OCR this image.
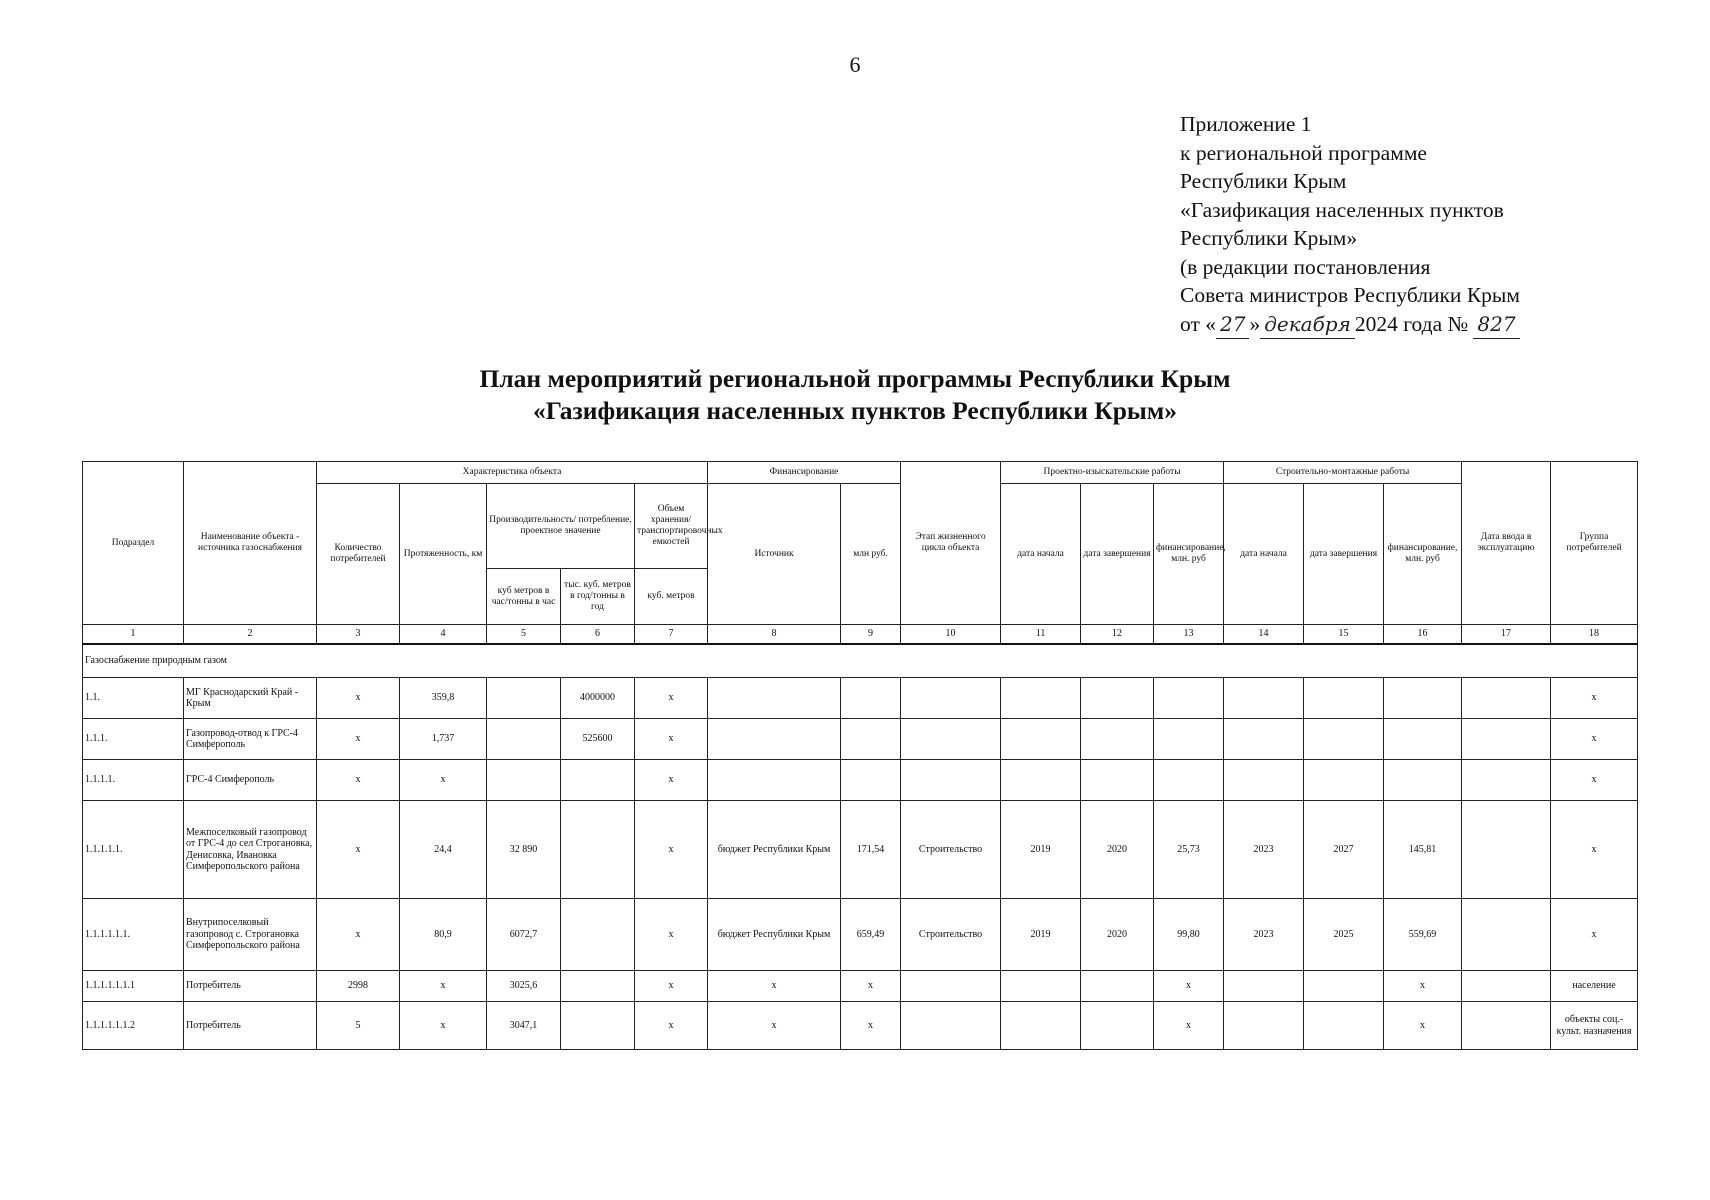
6
Приложение 1
к региональной программе
Республики Крым
«Газификация населенных пунктов
Республики Крым»
(в редакции постановления
Совета министров Республики Крым
от « 27 » декабря 2024 года № 827
План мероприятий региональной программы Республики Крым
«Газификация населенных пунктов Республики Крым»
Подраздел	Наименование объекта - источника газоснабжения	Характеристика объекта					Финансирование		Этап жизненного цикла объекта	Проектно-изыскательские работы			Строительно-монтажные работы			Дата ввода в эксплуатацию	Группа потребителей
		Количество потребителей	Протяженность, км	Производительность/ потребление, проектное значение		Объем хранения/ транспортировочных емкостей	Источник	млн руб.		дата начала	дата завершения	финансирование, млн. руб	дата начала	дата завершения	финансирование, млн. руб		
				куб метров в час/тонны в час	тыс. куб. метров в год/тонны в год	куб. метров											
1	2	3	4	5	6	7	8	9	10	11	12	13	14	15	16	17	18
Газоснабжение природным газом																	
1.1.	МГ Краснодарский Край - Крым	х	359,8		4000000	х											х
1.1.1.	Газопровод-отвод к ГРС-4 Симферополь	х	1,737		525600	х											х
1.1.1.1.	ГРС-4 Симферополь	х	х			х											х
1.1.1.1.1.	Межпоселковый газопровод от ГРС-4 до сел Строгановка, Денисовка, Ивановка Симферопольского района	х	24,4	32 890		х	бюджет Республики Крым	171,54	Строительство	2019	2020	25,73	2023	2027	145,81		х
1.1.1.1.1.1.	Внутрипоселковый газопровод с. Строгановка Симферопольского района	х	80,9	6072,7		х	бюджет Республики Крым	659,49	Строительство	2019	2020	99,80	2023	2025	559,69		х
1.1.1.1.1.1.1	Потребитель	2998	х	3025,6		х	х	х				х			х		население
1.1.1.1.1.1.2	Потребитель	5	х	3047,1		х	х	х				х			х		объекты соц.-культ. назначения
